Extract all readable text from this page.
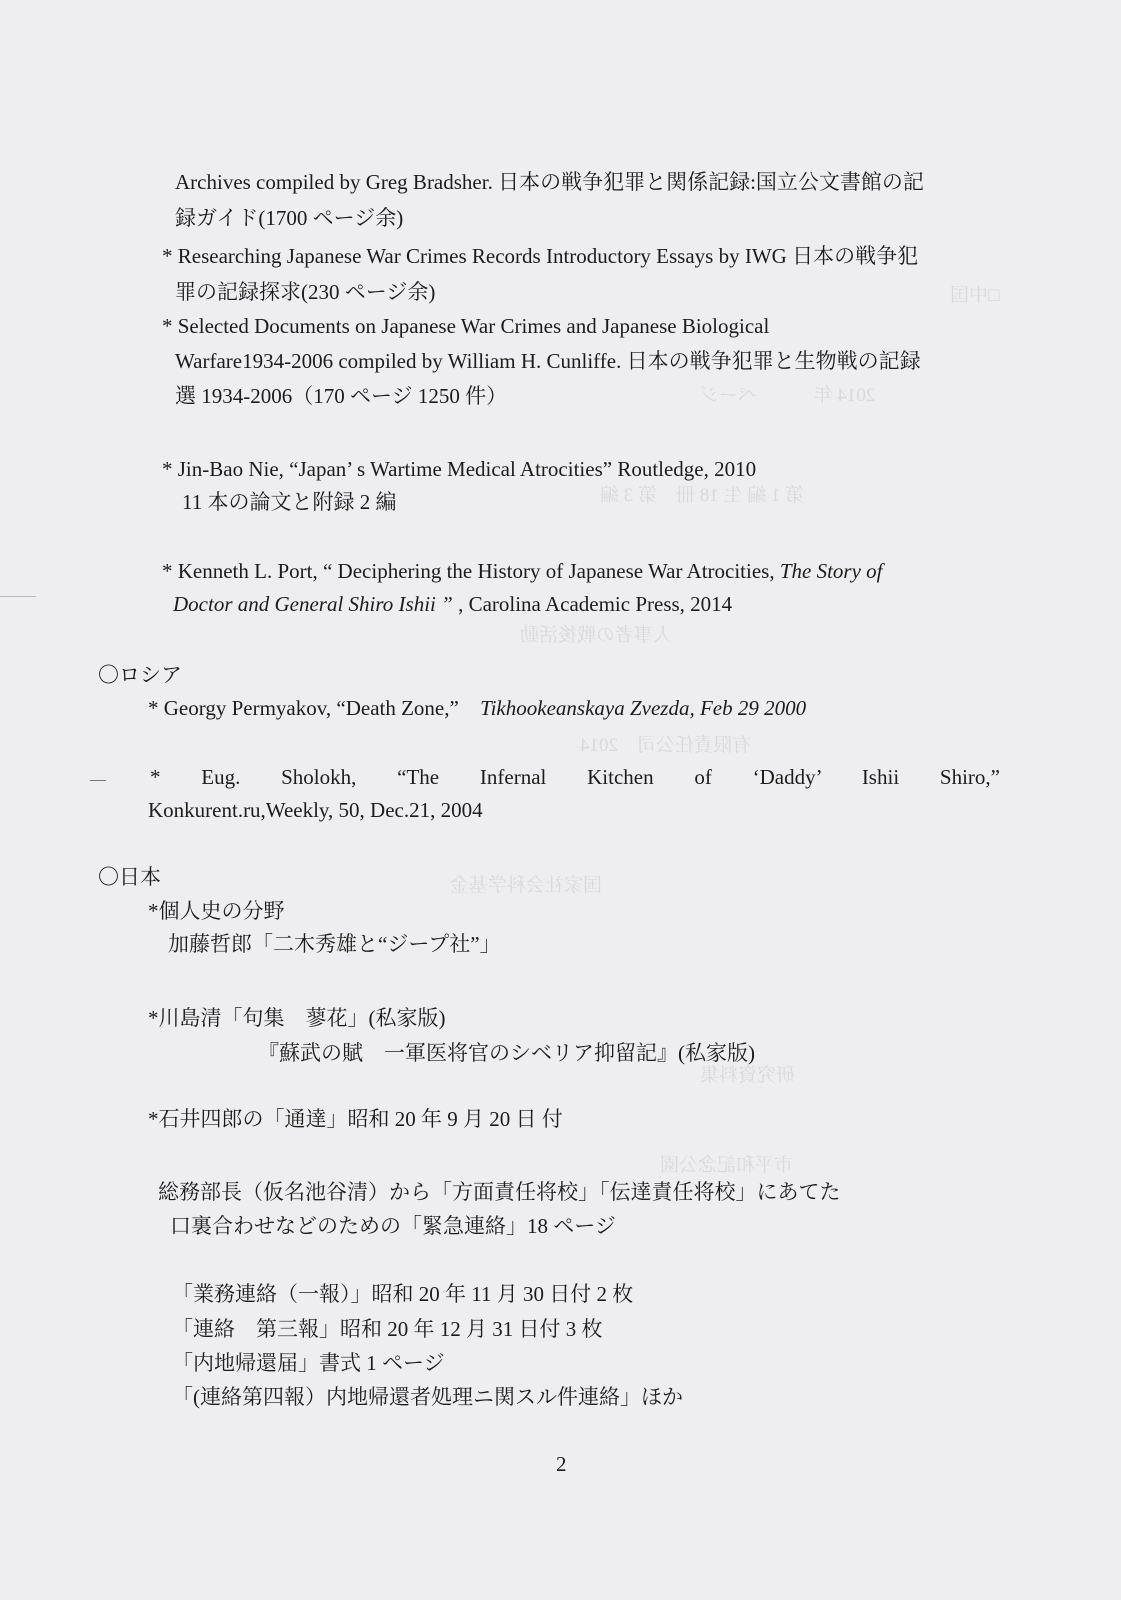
□中国
2014 年　　　ページ
第 1 編 生 18 冊　第 3 編
人事者の戦後活動
有限責任公司　2014
国家社会科学基金
研究資料集
市平和記念公園
Archives compiled by Greg Bradsher. 日本の戦争犯罪と関係記録:国立公文書館の記
録ガイド(1700 ページ余)
* Researching Japanese War Crimes Records Introductory Essays by IWG 日本の戦争犯
罪の記録探求(230 ページ余)
* Selected Documents on Japanese War Crimes and Japanese Biological
Warfare1934-2006 compiled by William H. Cunliffe. 日本の戦争犯罪と生物戦の記録
選 1934-2006（170 ページ 1250 件）
* Jin-Bao Nie, “Japan’ s Wartime Medical Atrocities” Routledge, 2010
11 本の論文と附録 2 編
* Kenneth L. Port, “ Deciphering the History of Japanese War Atrocities, The Story of
Doctor and General Shiro Ishii ” , Carolina Academic Press, 2014
〇ロシア
* Georgy Permyakov, “Death Zone,” Tikhookeanskaya Zvezda, Feb 29 2000
* Eug. Sholokh, “The Infernal Kitchen of ‘Daddy’ Ishii Shiro,”
Konkurent.ru,Weekly, 50, Dec.21, 2004
〇日本
*個人史の分野
加藤哲郎「二木秀雄と“ジープ社”」
*川島清「句集　蓼花」(私家版)
『蘇武の賦　一軍医将官のシベリア抑留記』(私家版)
*石井四郎の「通達」昭和 20 年 9 月 20 日 付
総務部長（仮名池谷清）から「方面責任将校」「伝達責任将校」にあてた
口裏合わせなどのための「緊急連絡」18 ページ
「業務連絡（一報）」昭和 20 年 11 月 30 日付 2 枚
「連絡　第三報」昭和 20 年 12 月 31 日付 3 枚
「内地帰還届」書式 1 ページ
「(連絡第四報）内地帰還者処理ニ関スル件連絡」ほか
2
